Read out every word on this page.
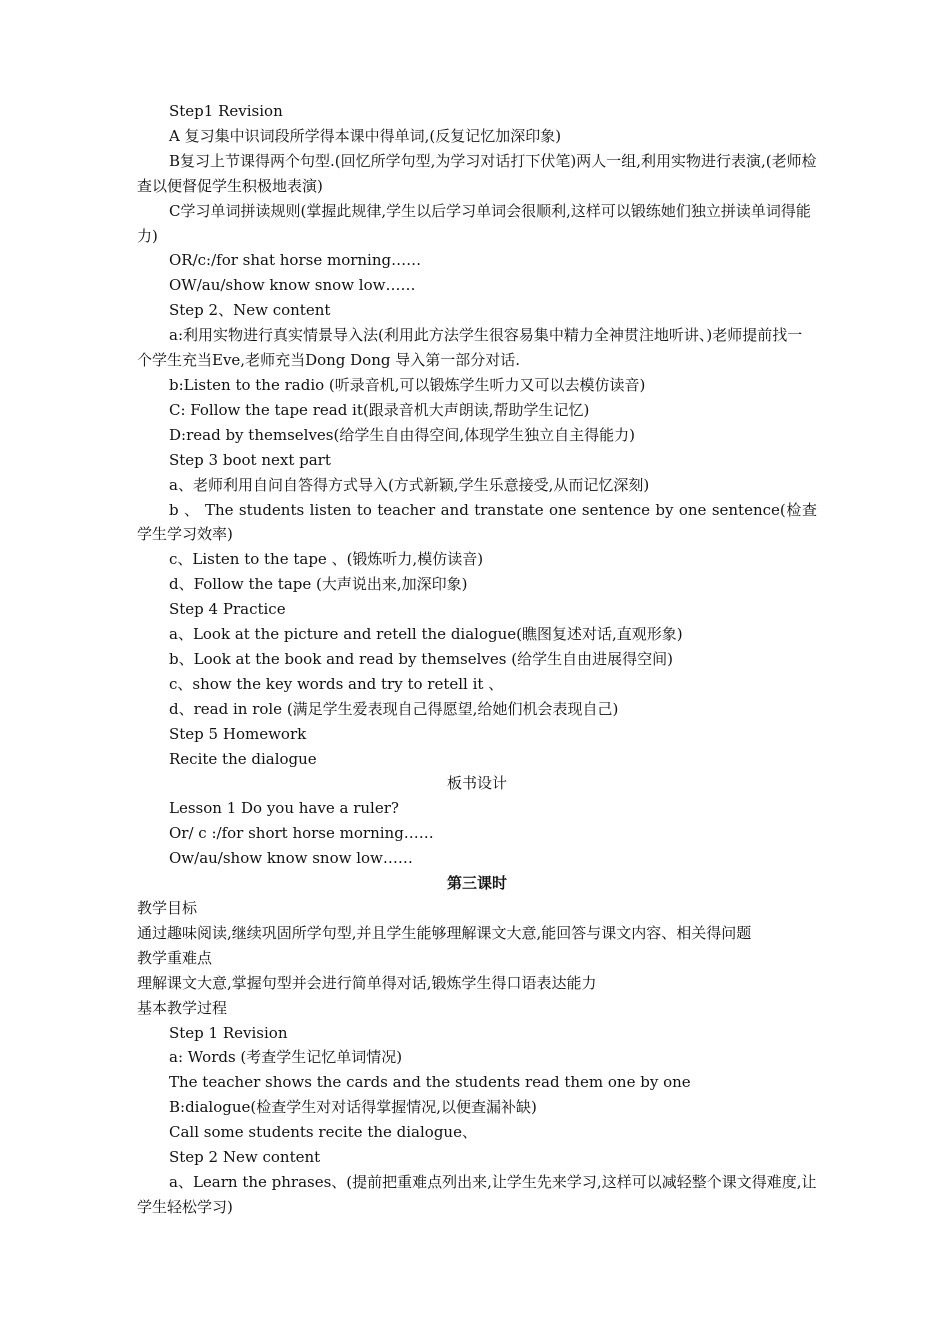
Step1 Revision

A 复习集中识词段所学得本课中得单词,(反复记忆加深印象)

B复习上节课得两个句型.(回忆所学句型,为学习对话打下伏笔)两人一组,利用实物进行表演,(老师检查以便督促学生积极地表演)

C学习单词拼读规则(掌握此规律,学生以后学习单词会很顺利,这样可以锻练她们独立拼读单词得能力)

OR/c:/for shat horse morning……

OW/au/show know snow low……

Step 2、New content

a:利用实物进行真实情景导入法(利用此方法学生很容易集中精力全神贯注地听讲、)老师提前找一个学生充当Eve,老师充当Dong Dong 导入第一部分对话.

b:Listen to the radio (听录音机,可以锻炼学生听力又可以去模仿读音)

C: Follow the tape read it(跟录音机大声朗读,帮助学生记忆)

D:read by themselves(给学生自由得空间,体现学生独立自主得能力)

Step 3 boot next part

a、老师利用自问自答得方式导入(方式新颖,学生乐意接受,从而记忆深刻)

b 、 The students listen to teacher and transtate one sentence by one sentence(检查学生学习效率)

c、Listen to the tape 、(锻炼听力,模仿读音)

d、Follow the tape (大声说出来,加深印象)

Step 4 Practice

a、Look at the picture and retell the dialogue(瞧图复述对话,直观形象)

b、Look at the book and read by themselves (给学生自由进展得空间)

c、show the key words and try to retell it 、

d、read in role (满足学生爱表现自己得愿望,给她们机会表现自己)

Step 5 Homework

Recite the dialogue

板书设计

Lesson 1 Do you have a ruler?

Or/ c :/for short horse morning……

Ow/au/show know snow low……

第三课时

教学目标

通过趣味阅读,继续巩固所学句型,并且学生能够理解课文大意,能回答与课文内容、相关得问题

教学重难点

理解课文大意,掌握句型并会进行简单得对话,锻炼学生得口语表达能力

基本教学过程

Step 1 Revision

a: Words (考查学生记忆单词情况)

The teacher shows the cards and the students read them one by one

B:dialogue(检查学生对对话得掌握情况,以便查漏补缺)

Call some students recite the dialogue、

Step 2 New content

a、Learn the phrases、(提前把重难点列出来,让学生先来学习,这样可以减轻整个课文得难度,让学生轻松学习)
